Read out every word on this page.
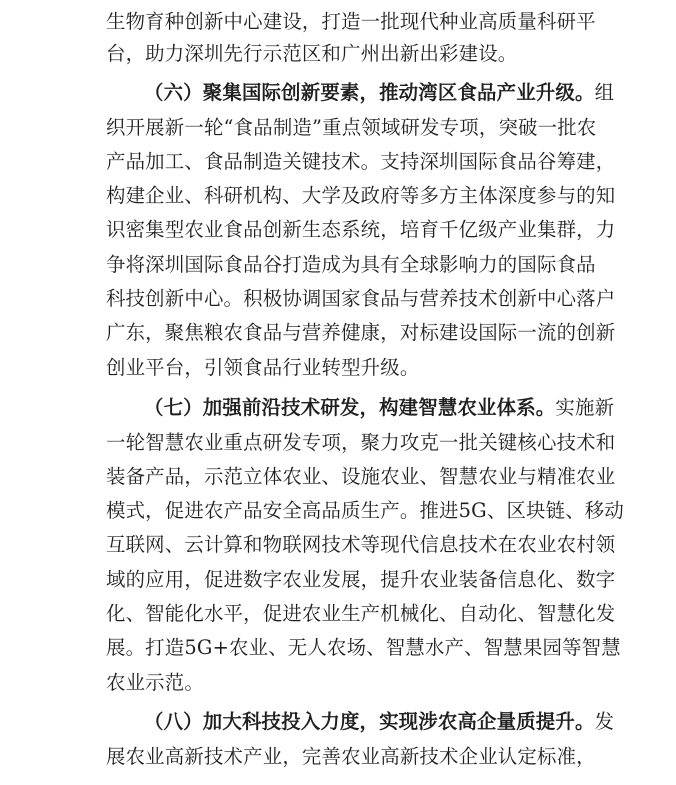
生物育种创新中心建设，打造一批现代种业高质量科研平
台，助力深圳先行示范区和广州出新出彩建设。
（六）聚集国际创新要素，推动湾区食品产业升级。组
织开展新一轮“食品制造”重点领域研发专项，突破一批农
产品加工、食品制造关键技术。支持深圳国际食品谷筹建，
构建企业、科研机构、大学及政府等多方主体深度参与的知
识密集型农业食品创新生态系统，培育千亿级产业集群，力
争将深圳国际食品谷打造成为具有全球影响力的国际食品
科技创新中心。积极协调国家食品与营养技术创新中心落户
广东，聚焦粮农食品与营养健康，对标建设国际一流的创新
创业平台，引领食品行业转型升级。
（七）加强前沿技术研发，构建智慧农业体系。实施新
一轮智慧农业重点研发专项，聚力攻克一批关键核心技术和
装备产品，示范立体农业、设施农业、智慧农业与精准农业
模式，促进农产品安全高品质生产。推进5G、区块链、移动
互联网、云计算和物联网技术等现代信息技术在农业农村领
域的应用，促进数字农业发展，提升农业装备信息化、数字
化、智能化水平，促进农业生产机械化、自动化、智慧化发
展。打造5G+农业、无人农场、智慧水产、智慧果园等智慧
农业示范。
（八）加大科技投入力度，实现涉农高企量质提升。发
展农业高新技术产业，完善农业高新技术企业认定标准，
